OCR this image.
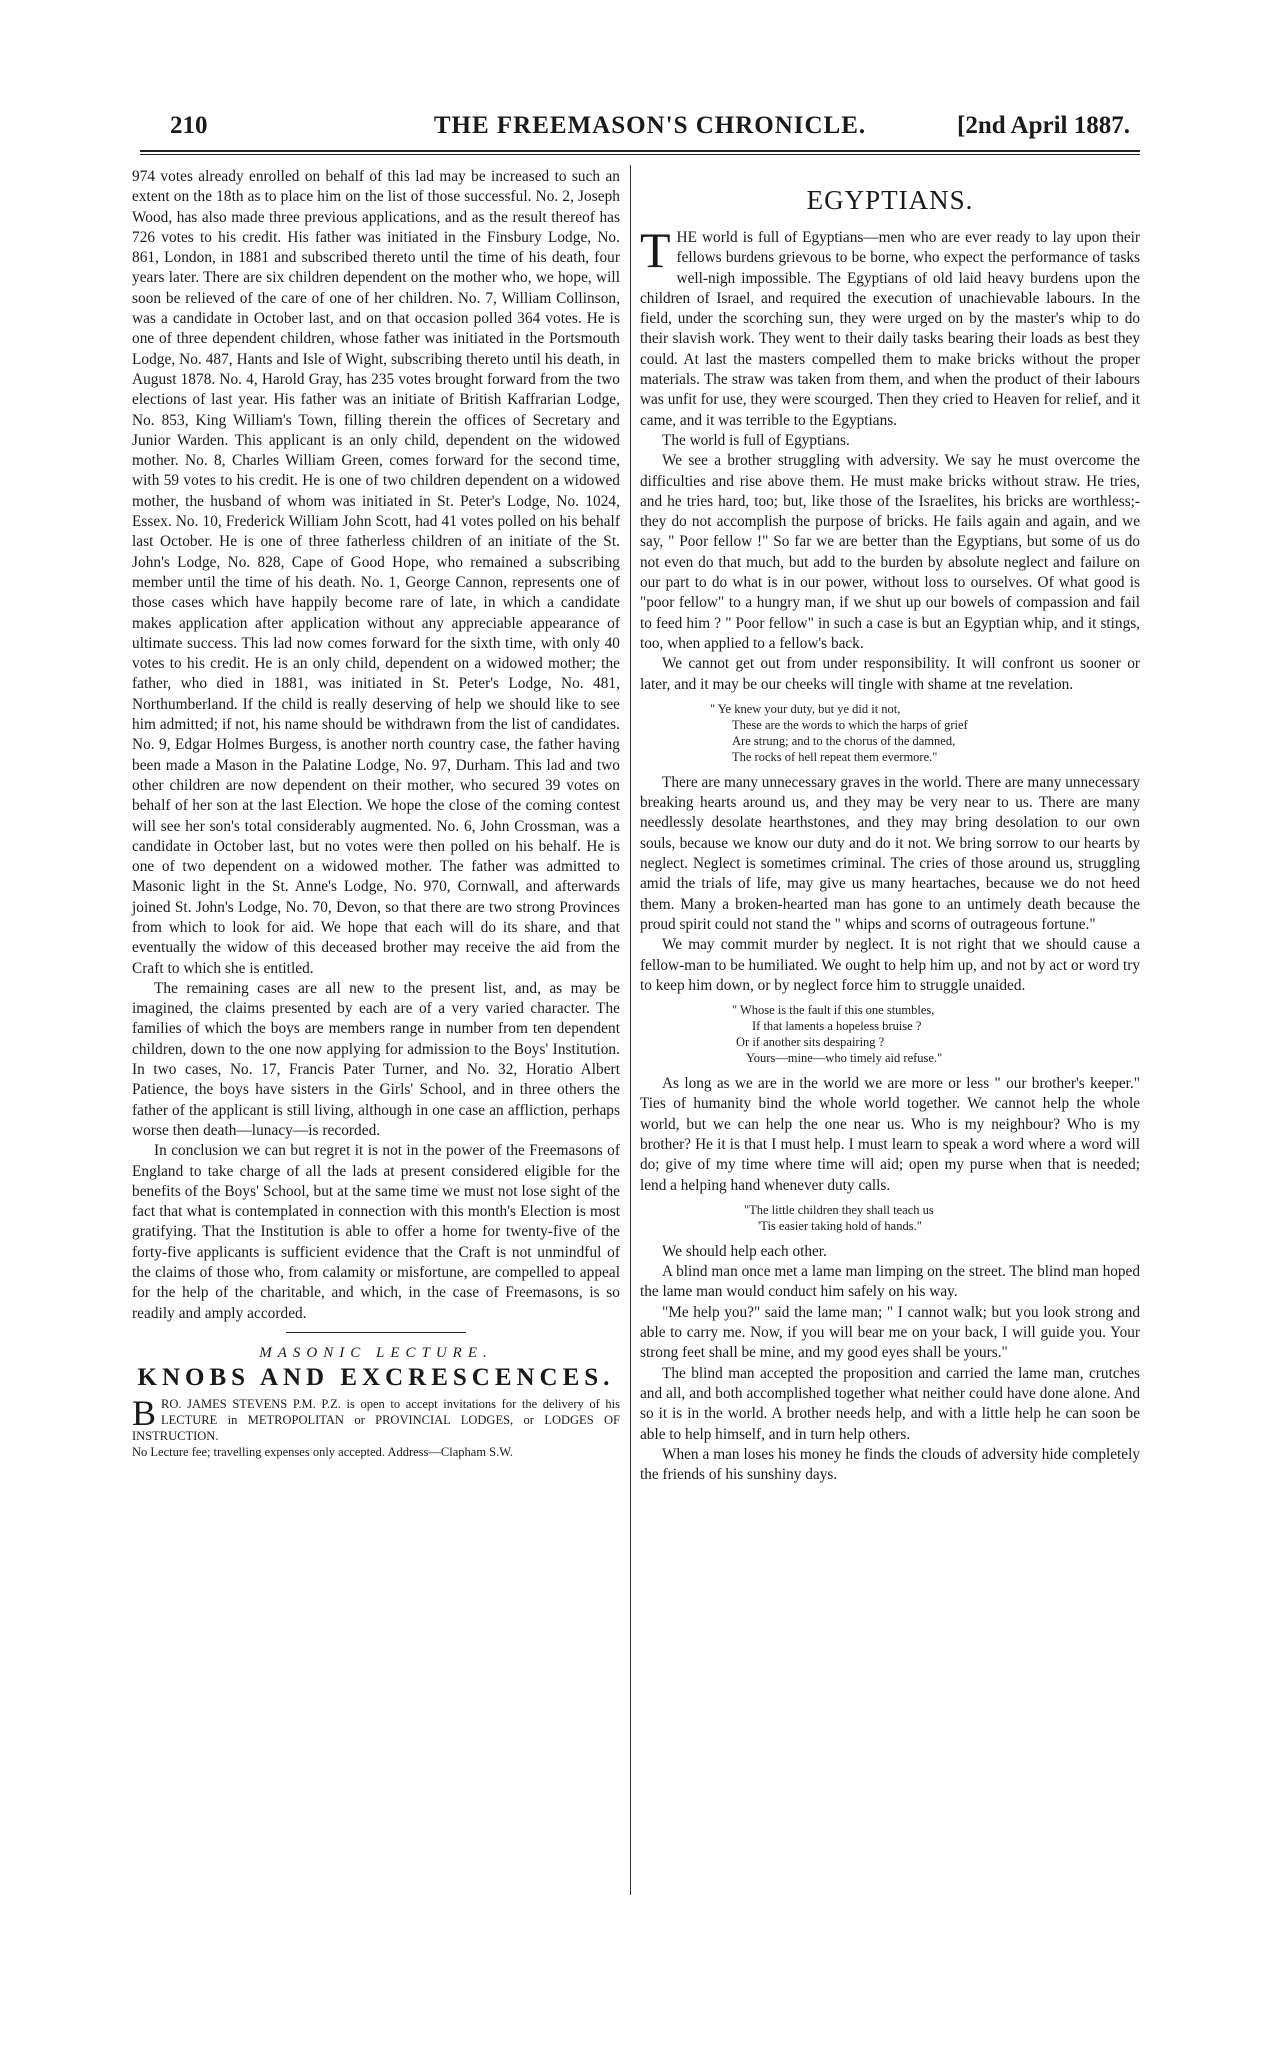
210	THE FREEMASON'S CHRONICLE.	[2nd April 1887.

974 votes already enrolled on behalf of this lad may be increased to such an extent on the 18th as to place him on the list of those successful. No. 2, Joseph Wood, has also made three previous applications, and as the result thereof has 726 votes to his credit. His father was initiated in the Finsbury Lodge, No. 861, London, in 1881 and subscribed thereto until the time of his death, four years later. There are six children dependent on the mother who, we hope, will soon be relieved of the care of one of her children. No. 7, William Collinson, was a candidate in October last, and on that occasion polled 364 votes. He is one of three dependent children, whose father was initiated in the Portsmouth Lodge, No. 487, Hants and Isle of Wight, subscribing thereto until his death, in August 1878. No. 4, Harold Gray, has 235 votes brought forward from the two elections of last year. His father was an initiate of British Kaffrarian Lodge, No. 853, King William's Town, filling therein the offices of Secretary and Junior Warden. This applicant is an only child, dependent on the widowed mother. No. 8, Charles William Green, comes forward for the second time, with 59 votes to his credit. He is one of two children dependent on a widowed mother, the husband of whom was initiated in St. Peter's Lodge, No. 1024, Essex. No. 10, Frederick William John Scott, had 41 votes polled on his behalf last October. He is one of three fatherless children of an initiate of the St. John's Lodge, No. 828, Cape of Good Hope, who remained a subscribing member until the time of his death. No. 1, George Cannon, represents one of those cases which have happily become rare of late, in which a candidate makes application after application without any appreciable appearance of ultimate success. This lad now comes forward for the sixth time, with only 40 votes to his credit. He is an only child, dependent on a widowed mother; the father, who died in 1881, was initiated in St. Peter's Lodge, No. 481, Northumberland. If the child is really deserving of help we should like to see him admitted; if not, his name should be withdrawn from the list of candidates. No. 9, Edgar Holmes Burgess, is another north country case, the father having been made a Mason in the Palatine Lodge, No. 97, Durham. This lad and two other children are now dependent on their mother, who secured 39 votes on behalf of her son at the last Election. We hope the close of the coming contest will see her son's total considerably augmented. No. 6, John Crossman, was a candidate in October last, but no votes were then polled on his behalf. He is one of two dependent on a widowed mother. The father was admitted to Masonic light in the St. Anne's Lodge, No. 970, Cornwall, and afterwards joined St. John's Lodge, No. 70, Devon, so that there are two strong Provinces from which to look for aid. We hope that each will do its share, and that eventually the widow of this deceased brother may receive the aid from the Craft to which she is entitled.

The remaining cases are all new to the present list, and, as may be imagined, the claims presented by each are of a very varied character. The families of which the boys are members range in number from ten dependent children, down to the one now applying for admission to the Boys' Institution. In two cases, No. 17, Francis Pater Turner, and No. 32, Horatio Albert Patience, the boys have sisters in the Girls' School, and in three others the father of the applicant is still living, although in one case an affliction, perhaps worse then death—lunacy—is recorded.

In conclusion we can but regret it is not in the power of the Freemasons of England to take charge of all the lads at present considered eligible for the benefits of the Boys' School, but at the same time we must not lose sight of the fact that what is contemplated in connection with this month's Election is most gratifying. That the Institution is able to offer a home for twenty-five of the forty-five applicants is sufficient evidence that the Craft is not unmindful of the claims of those who, from calamity or misfortune, are compelled to appeal for the help of the charitable, and which, in the case of Freemasons, is so readily and amply accorded.

MASONIC LECTURE.
KNOBS AND EXCRESCENCES.
B RO. JAMES STEVENS P.M. P.Z. is open to accept invitations for the delivery of his LECTURE in METROPOLITAN or PROVINCIAL LODGES, or LODGES OF INSTRUCTION.
No Lecture fee; travelling expenses only accepted. Address—Clapham S.W.
EGYPTIANS.

THE world is full of Egyptians—men who are ever ready to lay upon their fellows burdens grievous to be borne, who expect the performance of tasks well-nigh impossible. The Egyptians of old laid heavy burdens upon the children of Israel, and required the execution of unachievable labours. In the field, under the scorching sun, they were urged on by the master's whip to do their slavish work. They went to their daily tasks bearing their loads as best they could. At last the masters compelled them to make bricks without the proper materials. The straw was taken from them, and when the product of their labours was unfit for use, they were scourged. Then they cried to Heaven for relief, and it came, and it was terrible to the Egyptians.

The world is full of Egyptians.

We see a brother struggling with adversity. We say he must overcome the difficulties and rise above them. He must make bricks without straw. He tries, and he tries hard, too; but, like those of the Israelites, his bricks are worthless;- they do not accomplish the purpose of bricks. He fails again and again, and we say, " Poor fellow !" So far we are better than the Egyptians, but some of us do not even do that much, but add to the burden by absolute neglect and failure on our part to do what is in our power, without loss to ourselves. Of what good is "poor fellow" to a hungry man, if we shut up our bowels of compassion and fail to feed him ? " Poor fellow" in such a case is but an Egyptian whip, and it stings, too, when applied to a fellow's back.

We cannot get out from under responsibility. It will confront us sooner or later, and it may be our cheeks will tingle with shame at tne revelation.

" Ye knew your duty, but ye did it not,
These are the words to which the harps of grief
Are strung; and to the chorus of the damned,
The rocks of hell repeat them evermore."

There are many unnecessary graves in the world. There are many unnecessary breaking hearts around us, and they may be very near to us. There are many needlessly desolate hearthstones, and they may bring desolation to our own souls, because we know our duty and do it not. We bring sorrow to our hearts by neglect. Neglect is sometimes criminal. The cries of those around us, struggling amid the trials of life, may give us many heartaches, because we do not heed them. Many a broken-hearted man has gone to an untimely death because the proud spirit could not stand the " whips and scorns of outrageous fortune."

We may commit murder by neglect. It is not right that we should cause a fellow-man to be humiliated. We ought to help him up, and not by act or word try to keep him down, or by neglect force him to struggle unaided.

" Whose is the fault if this one stumbles,
If that laments a hopeless bruise ?
Or if another sits despairing ?
Yours—mine—who timely aid refuse."

As long as we are in the world we are more or less " our brother's keeper." Ties of humanity bind the whole world together. We cannot help the whole world, but we can help the one near us. Who is my neighbour? Who is my brother? He it is that I must help. I must learn to speak a word where a word will do; give of my time where time will aid; open my purse when that is needed; lend a helping hand whenever duty calls.

"The little children they shall teach us
'Tis easier taking hold of hands."

We should help each other.

A blind man once met a lame man limping on the street. The blind man hoped the lame man would conduct him safely on his way.

"Me help you?" said the lame man; " I cannot walk; but you look strong and able to carry me. Now, if you will bear me on your back, I will guide you. Your strong feet shall be mine, and my good eyes shall be yours."

The blind man accepted the proposition and carried the lame man, crutches and all, and both accomplished together what neither could have done alone. And so it is in the world. A brother needs help, and with a little help he can soon be able to help himself, and in turn help others.

When a man loses his money he finds the clouds of adversity hide completely the friends of his sunshiny days.
